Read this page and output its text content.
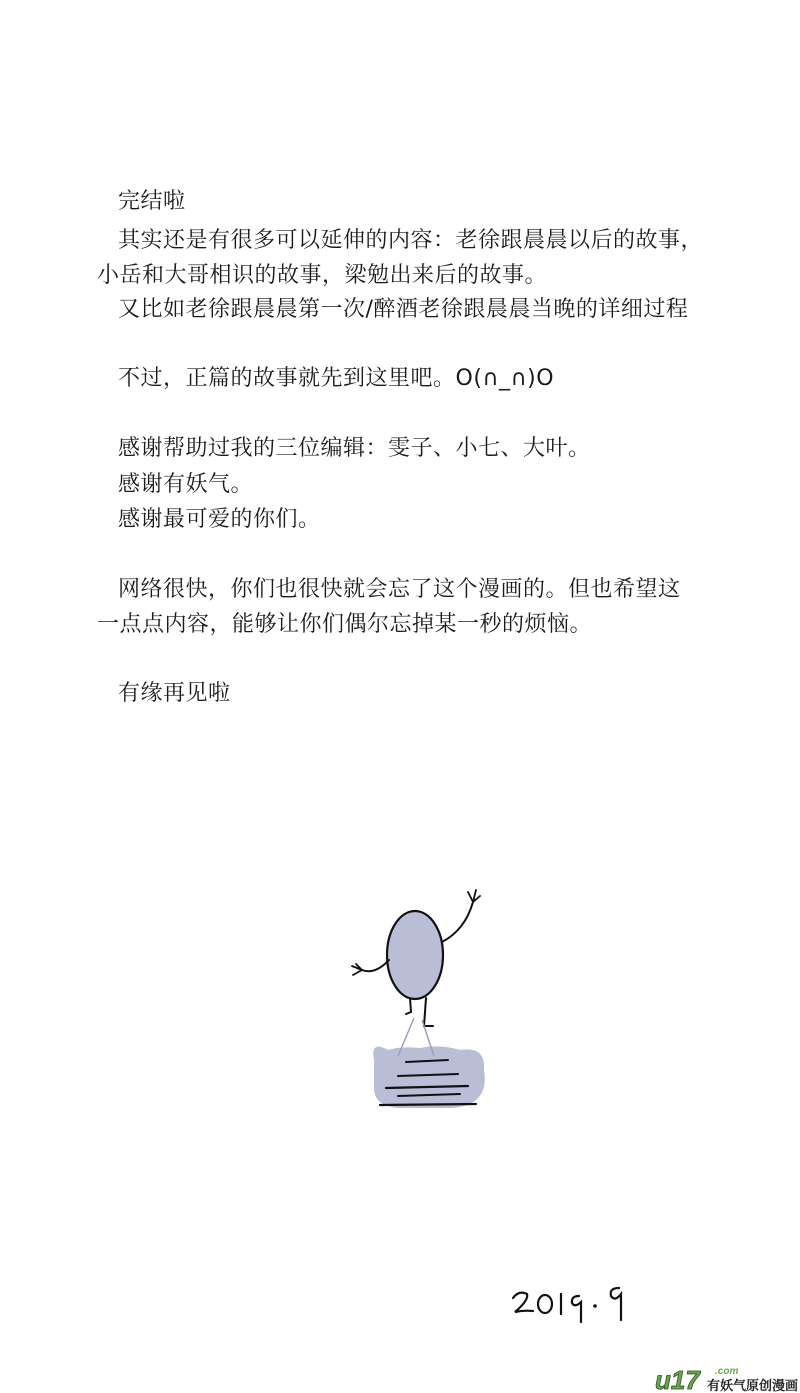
完结啦
其实还是有很多可以延伸的内容：老徐跟晨晨以后的故事，
小岳和大哥相识的故事，梁勉出来后的故事。
又比如老徐跟晨晨第一次/醉酒老徐跟晨晨当晚的详细过程
不过，正篇的故事就先到这里吧。O(∩_∩)O
感谢帮助过我的三位编辑：雯子、小七、大叶。
感谢有妖气。
感谢最可爱的你们。
网络很快，你们也很快就会忘了这个漫画的。但也希望这
一点点内容，能够让你们偶尔忘掉某一秒的烦恼。
有缘再见啦
u17 .com
有妖气原创漫画
